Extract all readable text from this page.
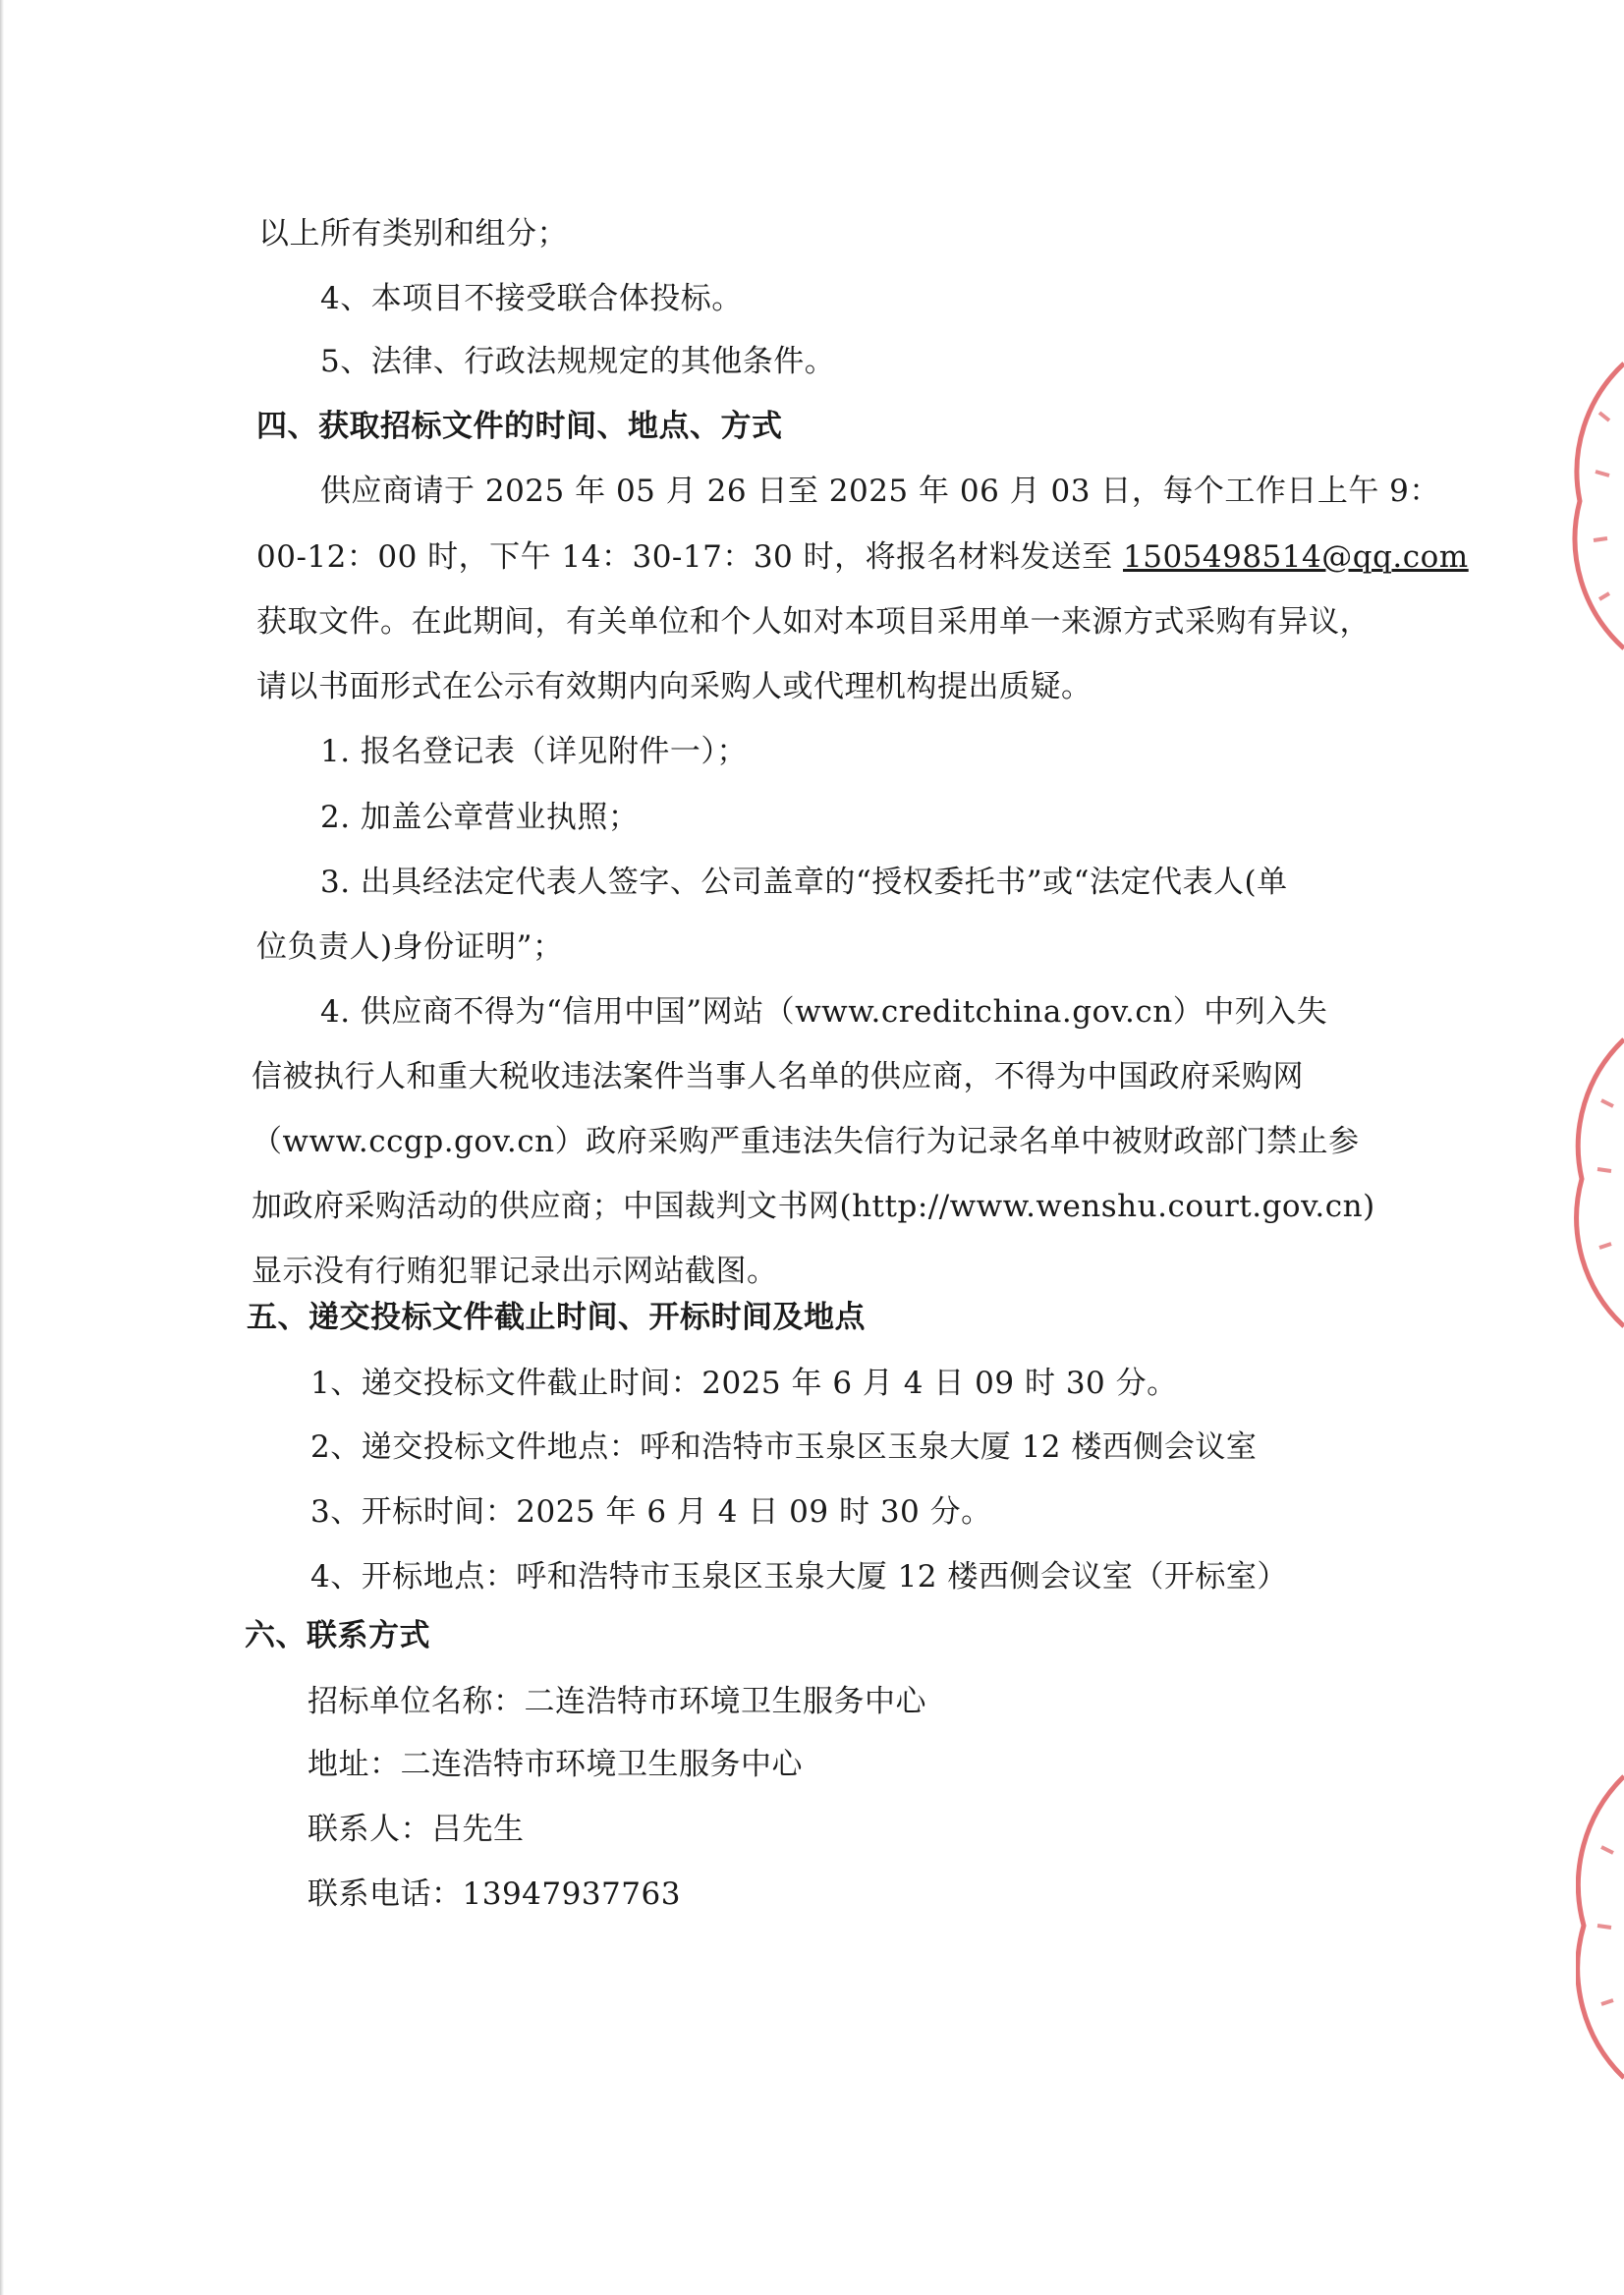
以上所有类别和组分；
4、本项目不接受联合体投标。
5、法律、行政法规规定的其他条件。
四、获取招标文件的时间、地点、方式
供应商请于 2025 年 05 月 26 日至 2025 年 06 月 03 日，每个工作日上午 9：
00-12：00 时，下午 14：30-17：30 时，将报名材料发送至 1505498514@qq.com
获取文件。在此期间，有关单位和个人如对本项目采用单一来源方式采购有异议，
请以书面形式在公示有效期内向采购人或代理机构提出质疑。
1. 报名登记表（详见附件一）；
2. 加盖公章营业执照；
3. 出具经法定代表人签字、公司盖章的“授权委托书”或“法定代表人(单
位负责人)身份证明”；
4. 供应商不得为“信用中国”网站（www.creditchina.gov.cn）中列入失
信被执行人和重大税收违法案件当事人名单的供应商，不得为中国政府采购网
（www.ccgp.gov.cn）政府采购严重违法失信行为记录名单中被财政部门禁止参
加政府采购活动的供应商；中国裁判文书网(http://www.wenshu.court.gov.cn)
显示没有行贿犯罪记录出示网站截图。
五、递交投标文件截止时间、开标时间及地点
1、递交投标文件截止时间：2025 年 6 月 4 日 09 时 30 分。
2、递交投标文件地点：呼和浩特市玉泉区玉泉大厦 12 楼西侧会议室
3、开标时间：2025 年 6 月 4 日 09 时 30 分。
4、开标地点：呼和浩特市玉泉区玉泉大厦 12 楼西侧会议室（开标室）
六、联系方式
招标单位名称：二连浩特市环境卫生服务中心
地址：二连浩特市环境卫生服务中心
联系人：吕先生
联系电话：13947937763
